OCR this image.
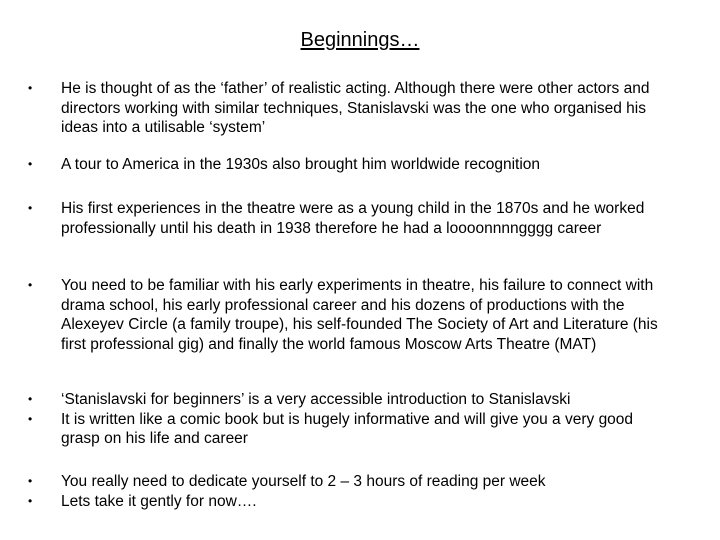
Beginnings…
•	He is thought of as the ‘father’ of realistic acting. Although there were other actors and directors working with similar techniques, Stanislavski was the one who organised his ideas into a utilisable ‘system’
•	A tour to America in the 1930s also brought him worldwide recognition
•	His first experiences in the theatre were as a young child in the 1870s and he worked professionally until his death in 1938 therefore he had a loooonnnngggg career
•	You need to be familiar with his early experiments in theatre, his failure to connect with drama school, his early professional career and his dozens of productions with the Alexeyev Circle (a family troupe), his self-founded The Society of Art and Literature (his first professional gig) and finally the world famous Moscow Arts Theatre (MAT)
•	‘Stanislavski for beginners’ is a very accessible introduction to Stanislavski
•	It is written like a comic book but is hugely informative and will give you a very good grasp on his life and career
•	You really need to dedicate yourself to 2 – 3 hours of reading per week
•	Lets take it gently for now….
